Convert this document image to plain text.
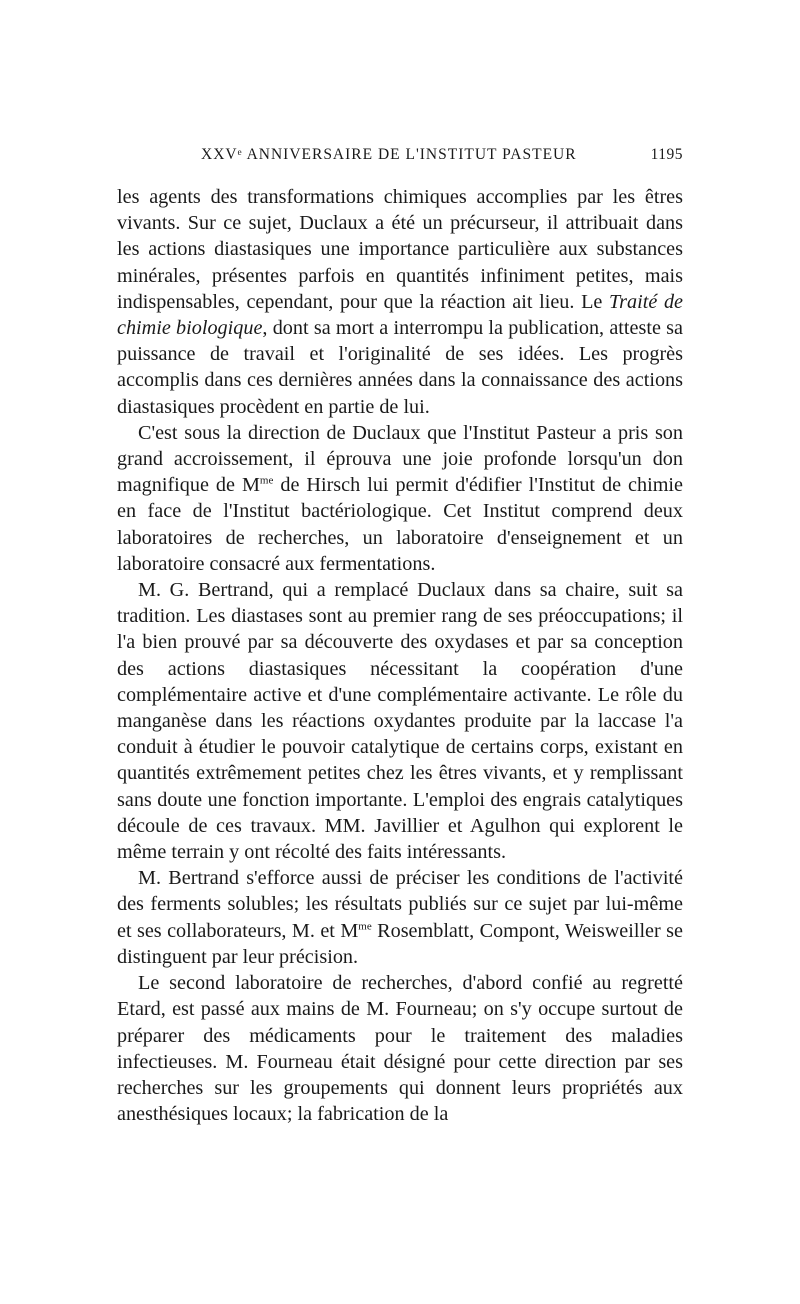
XXVᵉ ANNIVERSAIRE DE L'INSTITUT PASTEUR	1195

les agents des transformations chimiques accomplies par les êtres vivants. Sur ce sujet, Duclaux a été un précurseur, il attribuait dans les actions diastasiques une importance particulière aux substances minérales, présentes parfois en quantités infiniment petites, mais indispensables, cependant, pour que la réaction ait lieu. Le Traité de chimie biologique, dont sa mort a interrompu la publication, atteste sa puissance de travail et l'originalité de ses idées. Les progrès accomplis dans ces dernières années dans la connaissance des actions diastasiques procèdent en partie de lui.

C'est sous la direction de Duclaux que l'Institut Pasteur a pris son grand accroissement, il éprouva une joie profonde lorsqu'un don magnifique de $M^{me}$ de Hirsch lui permit d'édifier l'Institut de chimie en face de l'Institut bactériologique. Cet Institut comprend deux laboratoires de recherches, un laboratoire d'enseignement et un laboratoire consacré aux fermentations.

M. G. Bertrand, qui a remplacé Duclaux dans sa chaire, suit sa tradition. Les diastases sont au premier rang de ses préoccupations; il l'a bien prouvé par sa découverte des oxydases et par sa conception des actions diastasiques nécessitant la coopération d'une complémentaire active et d'une complémentaire activante. Le rôle du manganèse dans les réactions oxydantes produite par la laccase l'a conduit à étudier le pouvoir catalytique de certains corps, existant en quantités extrêmement petites chez les êtres vivants, et y remplissant sans doute une fonction importante. L'emploi des engrais catalytiques découle de ces travaux. MM. Javillier et Agulhon qui explorent le même terrain y ont récolté des faits intéressants.

M. Bertrand s'efforce aussi de préciser les conditions de l'activité des ferments solubles; les résultats publiés sur ce sujet par lui-même et ses collaborateurs, M. et $M^{me}$ Rosemblatt, Compont, Weisweiller se distinguent par leur précision.

Le second laboratoire de recherches, d'abord confié au regretté Etard, est passé aux mains de M. Fourneau; on s'y occupe surtout de préparer des médicaments pour le traitement des maladies infectieuses. M. Fourneau était désigné pour cette direction par ses recherches sur les groupements qui donnent leurs propriétés aux anesthésiques locaux; la fabrication de la
